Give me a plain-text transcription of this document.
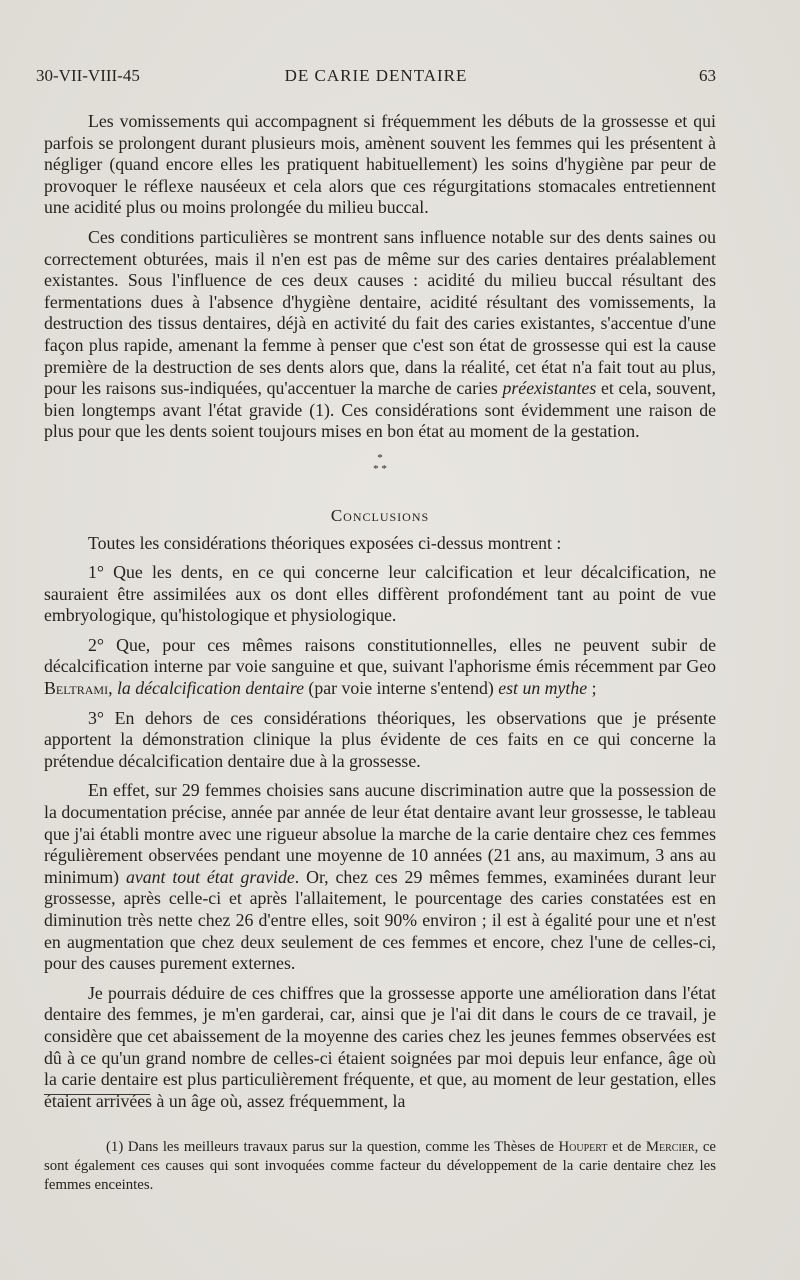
30-VII-VIII-45	DE CARIE DENTAIRE	63

Les vomissements qui accompagnent si fréquemment les débuts de la grossesse et qui parfois se prolongent durant plusieurs mois, amènent souvent les femmes qui les présentent à négliger (quand encore elles les pratiquent habituellement) les soins d'hygiène par peur de provoquer le réflexe nauséeux et cela alors que ces régurgitations stomacales entretiennent une acidité plus ou moins prolongée du milieu buccal.

Ces conditions particulières se montrent sans influence notable sur des dents saines ou correctement obturées, mais il n'en est pas de même sur des caries dentaires préalablement existantes. Sous l'influence de ces deux causes : acidité du milieu buccal résultant des fermentations dues à l'absence d'hygiène dentaire, acidité résultant des vomissements, la destruction des tissus dentaires, déjà en activité du fait des caries existantes, s'accentue d'une façon plus rapide, amenant la femme à penser que c'est son état de grossesse qui est la cause première de la destruction de ses dents alors que, dans la réalité, cet état n'a fait tout au plus, pour les raisons sus-indiquées, qu'accentuer la marche de caries préexistantes et cela, souvent, bien longtemps avant l'état gravide (1). Ces considérations sont évidemment une raison de plus pour que les dents soient toujours mises en bon état au moment de la gestation.

*
* *
Conclusions

Toutes les considérations théoriques exposées ci-dessus montrent :

1° Que les dents, en ce qui concerne leur calcification et leur décalcification, ne sauraient être assimilées aux os dont elles diffèrent profondément tant au point de vue embryologique, qu'histologique et physiologique.

2° Que, pour ces mêmes raisons constitutionnelles, elles ne peuvent subir de décalcification interne par voie sanguine et que, suivant l'aphorisme émis récemment par Geo Beltrami, la décalcification dentaire (par voie interne s'entend) est un mythe ;

3° En dehors de ces considérations théoriques, les observations que je présente apportent la démonstration clinique la plus évidente de ces faits en ce qui concerne la prétendue décalcification dentaire due à la grossesse.

En effet, sur 29 femmes choisies sans aucune discrimination autre que la possession de la documentation précise, année par année de leur état dentaire avant leur grossesse, le tableau que j'ai établi montre avec une rigueur absolue la marche de la carie dentaire chez ces femmes régulièrement observées pendant une moyenne de 10 années (21 ans, au maximum, 3 ans au minimum) avant tout état gravide. Or, chez ces 29 mêmes femmes, examinées durant leur grossesse, après celle-ci et après l'allaitement, le pourcentage des caries constatées est en diminution très nette chez 26 d'entre elles, soit 90% environ ; il est à égalité pour une et n'est en augmentation que chez deux seulement de ces femmes et encore, chez l'une de celles-ci, pour des causes purement externes.

Je pourrais déduire de ces chiffres que la grossesse apporte une amélioration dans l'état dentaire des femmes, je m'en garderai, car, ainsi que je l'ai dit dans le cours de ce travail, je considère que cet abaissement de la moyenne des caries chez les jeunes femmes observées est dû à ce qu'un grand nombre de celles-ci étaient soignées par moi depuis leur enfance, âge où la carie dentaire est plus particulièrement fréquente, et que, au moment de leur gestation, elles étaient arrivées à un âge où, assez fréquemment, la

(1) Dans les meilleurs travaux parus sur la question, comme les Thèses de Houpert et de Mercier, ce sont également ces causes qui sont invoquées comme facteur du développement de la carie dentaire chez les femmes enceintes.
